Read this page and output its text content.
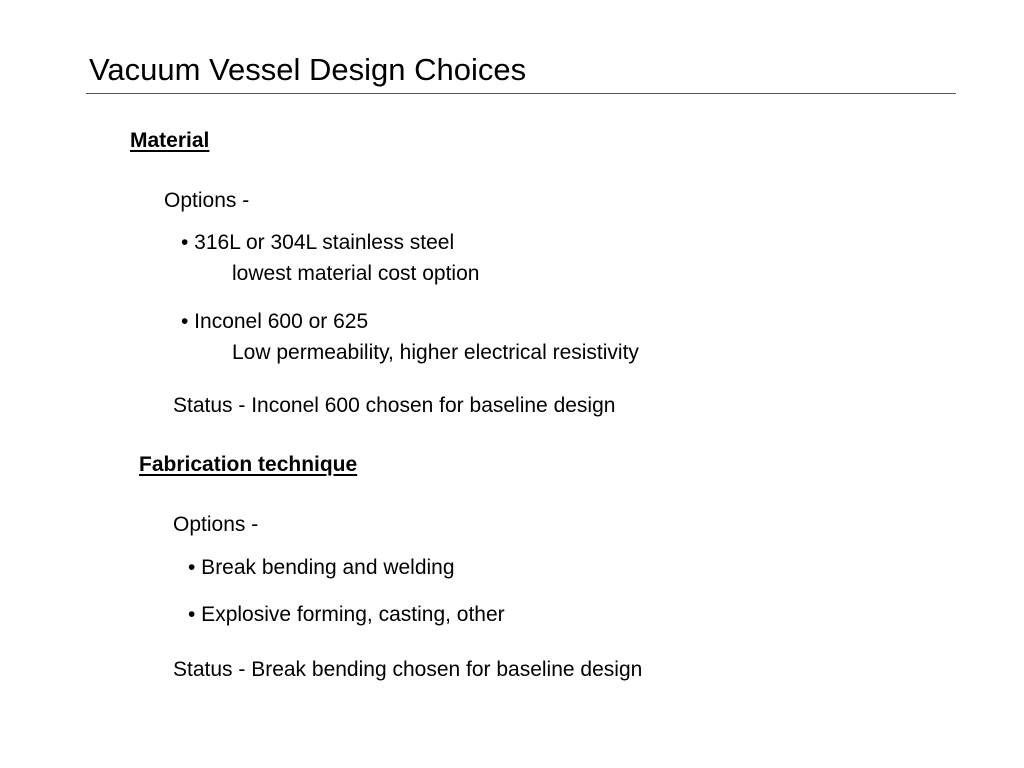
Vacuum Vessel Design Choices
Material
Options -
• 316L or 304L stainless steel
lowest material cost option
• Inconel 600 or 625
Low permeability, higher electrical resistivity
Status - Inconel 600 chosen for baseline design
Fabrication technique
Options -
• Break bending and welding
• Explosive forming, casting, other
Status - Break bending chosen for baseline design
